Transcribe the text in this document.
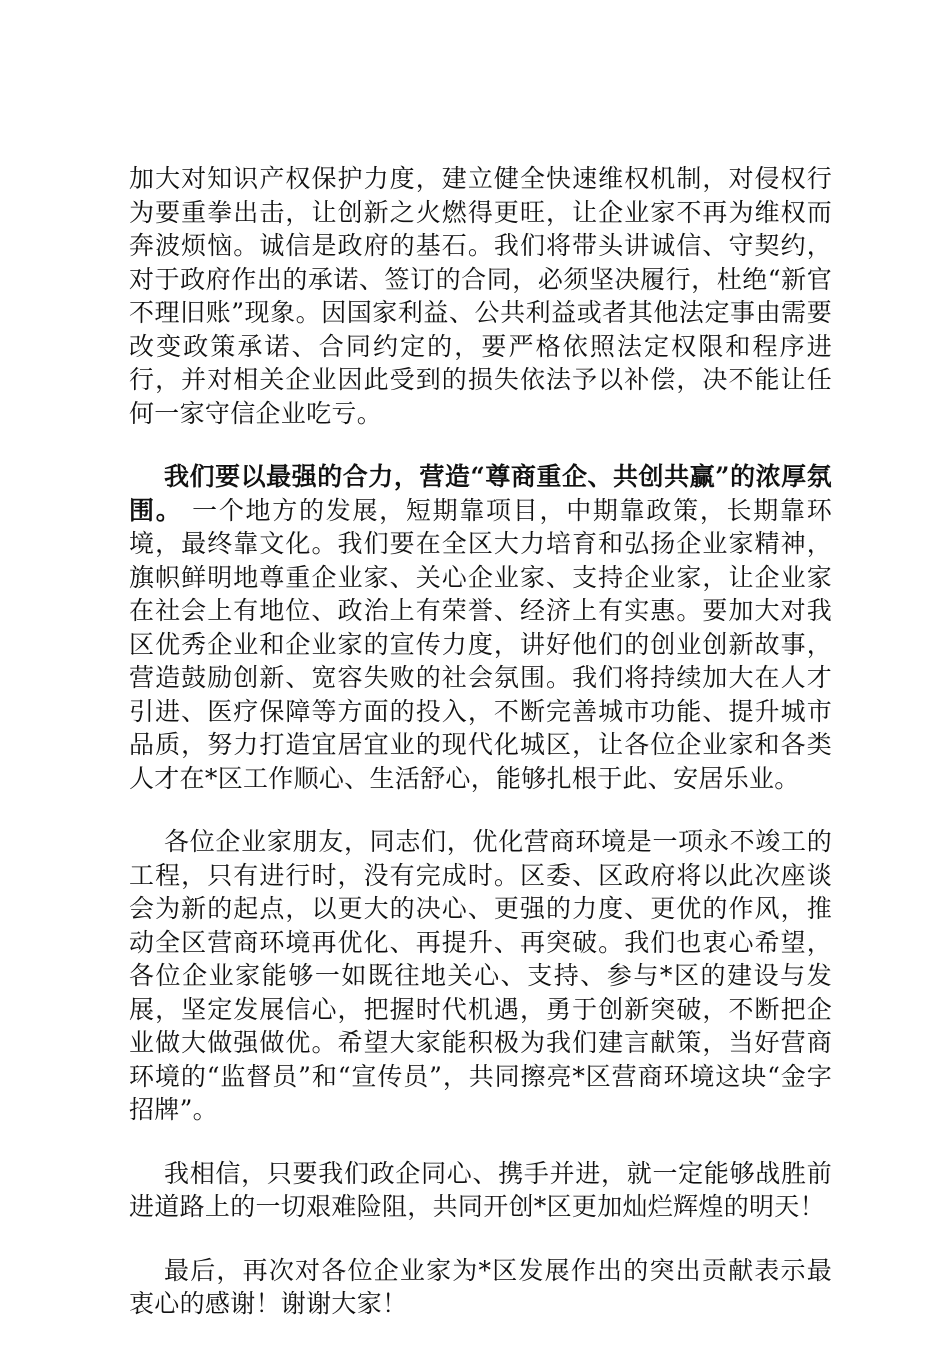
加大对知识产权保护力度，建立健全快速维权机制，对侵权行为要重拳出击，让创新之火燃得更旺，让企业家不再为维权而奔波烦恼。诚信是政府的基石。我们将带头讲诚信、守契约，对于政府作出的承诺、签订的合同，必须坚决履行，杜绝“新官不理旧账”现象。因国家利益、公共利益或者其他法定事由需要改变政策承诺、合同约定的，要严格依照法定权限和程序进行，并对相关企业因此受到的损失依法予以补偿，决不能让任何一家守信企业吃亏。

我们要以最强的合力，营造“尊商重企、共创共赢”的浓厚氛围。 一个地方的发展，短期靠项目，中期靠政策，长期靠环境，最终靠文化。我们要在全区大力培育和弘扬企业家精神，旗帜鲜明地尊重企业家、关心企业家、支持企业家，让企业家在社会上有地位、政治上有荣誉、经济上有实惠。要加大对我区优秀企业和企业家的宣传力度，讲好他们的创业创新故事，营造鼓励创新、宽容失败的社会氛围。我们将持续加大在人才引进、医疗保障等方面的投入，不断完善城市功能、提升城市品质，努力打造宜居宜业的现代化城区，让各位企业家和各类人才在*区工作顺心、生活舒心，能够扎根于此、安居乐业。

各位企业家朋友，同志们，优化营商环境是一项永不竣工的工程，只有进行时，没有完成时。区委、区政府将以此次座谈会为新的起点，以更大的决心、更强的力度、更优的作风，推动全区营商环境再优化、再提升、再突破。我们也衷心希望，各位企业家能够一如既往地关心、支持、参与*区的建设与发展，坚定发展信心，把握时代机遇，勇于创新突破，不断把企业做大做强做优。希望大家能积极为我们建言献策，当好营商环境的“监督员”和“宣传员”，共同擦亮*区营商环境这块“金字招牌”。

我相信，只要我们政企同心、携手并进，就一定能够战胜前进道路上的一切艰难险阻，共同开创*区更加灿烂辉煌的明天！

最后，再次对各位企业家为*区发展作出的突出贡献表示最衷心的感谢！谢谢大家！
